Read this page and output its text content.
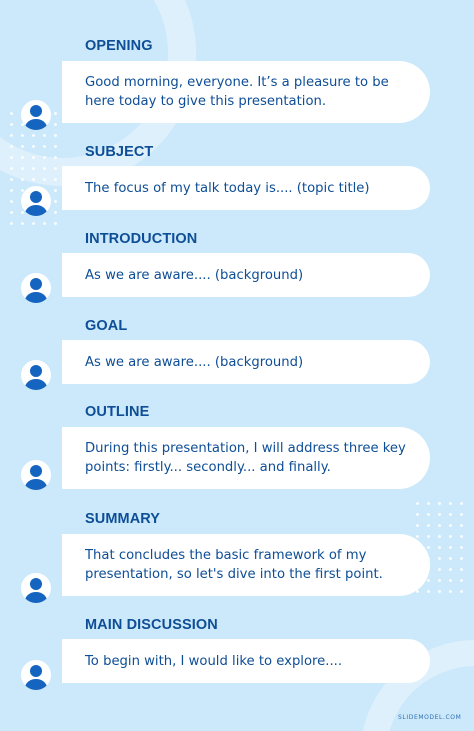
OPENING
Good morning, everyone. It’s a pleasure to be here today to give this presentation.
SUBJECT
The focus of my talk today is.... (topic title)
INTRODUCTION
As we are aware.... (background)
GOAL
As we are aware.... (background)
OUTLINE
During this presentation, I will address three key points: firstly... secondly... and finally.
SUMMARY
That concludes the basic framework of my presentation, so let's dive into the first point.
MAIN DISCUSSION
To begin with, I would like to explore....
SLIDEMODEL.COM
